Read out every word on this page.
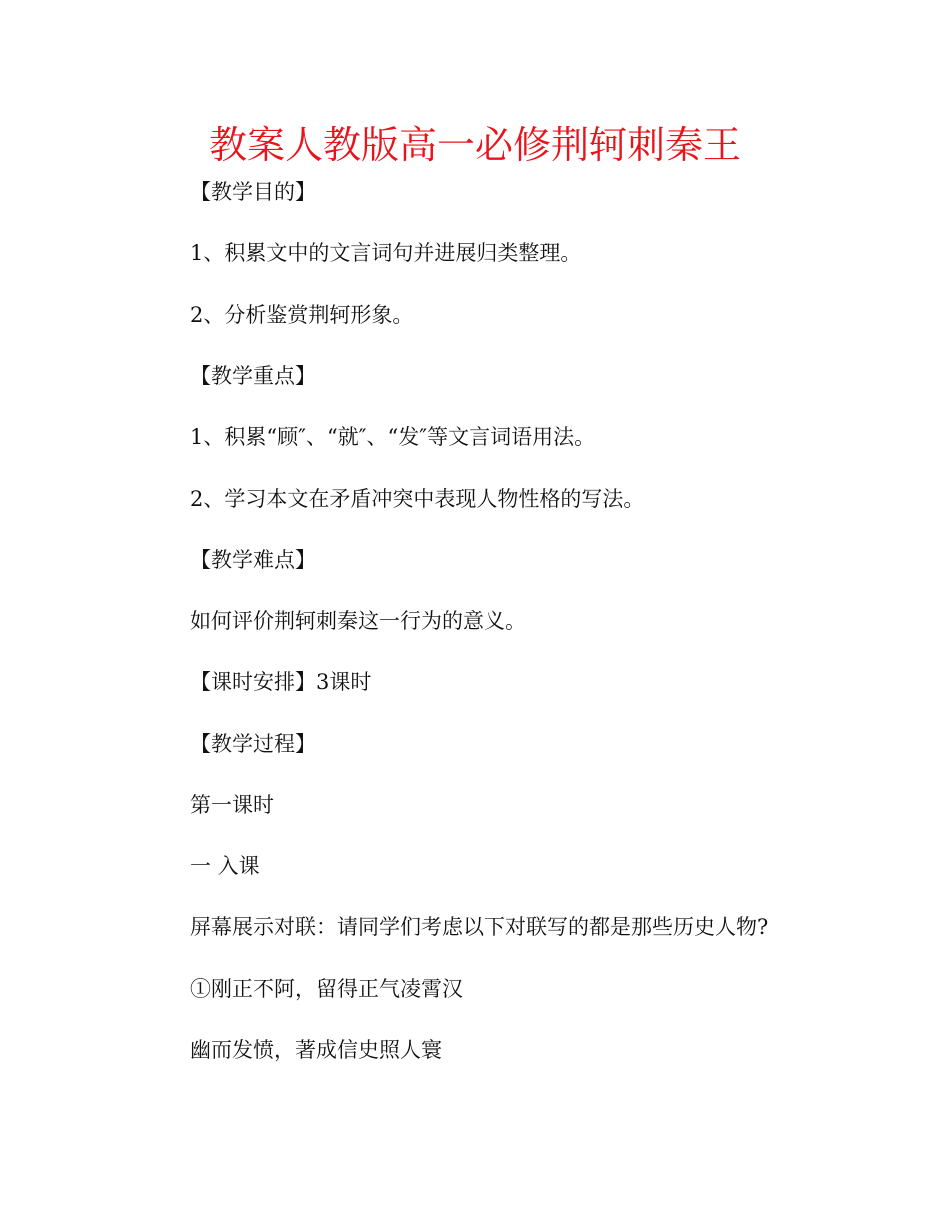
教案人教版高一必修荆轲刺秦王

【教学目的】

1、积累文中的文言词句并进展归类整理。

2、分析鉴赏荆轲形象。

【教学重点】

1、积累“顾″、“就″、“发″等文言词语用法。

2、学习本文在矛盾冲突中表现人物性格的写法。

【教学难点】

如何评价荆轲刺秦这一行为的意义。

【课时安排】3课时

【教学过程】

第一课时

一 入课

屏幕展示对联：请同学们考虑以下对联写的都是那些历史人物?

①刚正不阿，留得正气凌霄汉

幽而发愤，著成信史照人寰
